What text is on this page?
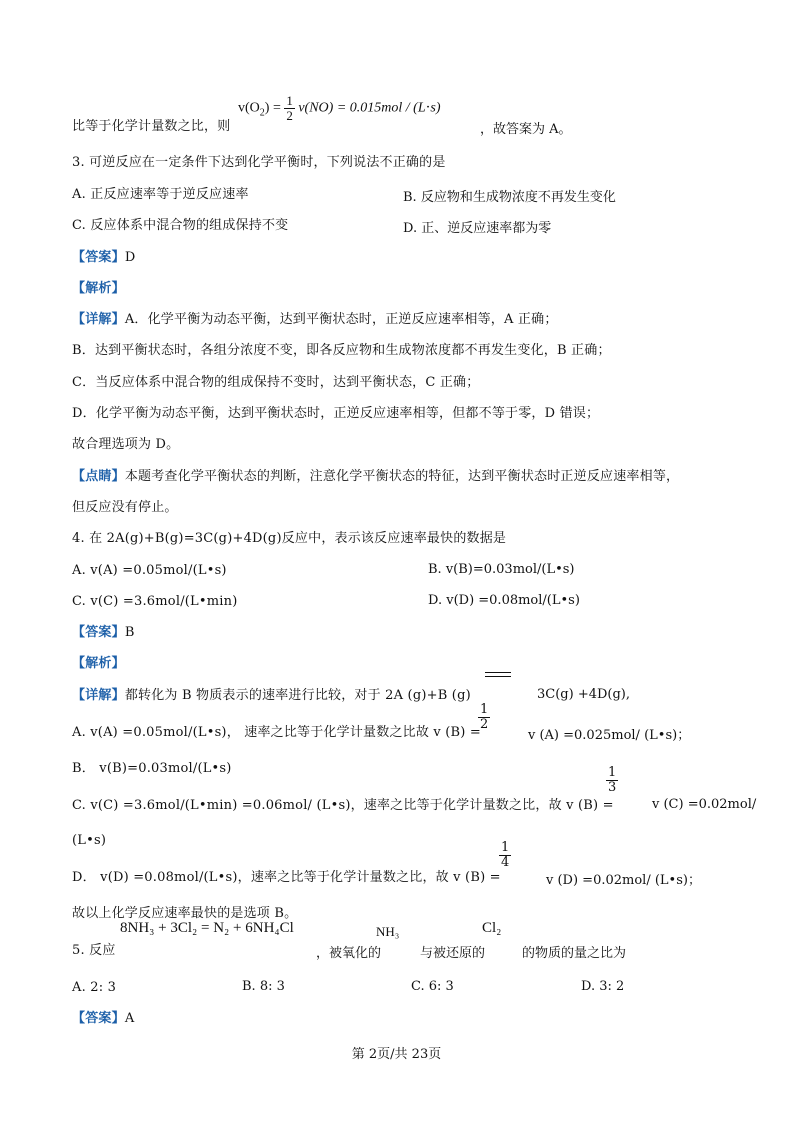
$v(O_2) = \frac{1}{2} v(NO) = 0.015mol / (L\cdot s)$
比等于化学计量数之比，则	，故答案为 A。
3. 可逆反应在一定条件下达到化学平衡时，下列说法不正确的是
A. 正反应速率等于逆反应速率	B. 反应物和生成物浓度不再发生变化
C. 反应体系中混合物的组成保持不变	D. 正、逆反应速率都为零
【答案】D
【解析】
【详解】A．化学平衡为动态平衡，达到平衡状态时，正逆反应速率相等，A 正确；
B．达到平衡状态时，各组分浓度不变，即各反应物和生成物浓度都不再发生变化，B 正确；
C．当反应体系中混合物的组成保持不变时，达到平衡状态，C 正确；
D．化学平衡为动态平衡，达到平衡状态时，正逆反应速率相等，但都不等于零，D 错误；
故合理选项为 D。
【点睛】本题考查化学平衡状态的判断，注意化学平衡状态的特征，达到平衡状态时正逆反应速率相等，
但反应没有停止。
4. 在 2A(g)+B(g)=3C(g)+4D(g)反应中，表示该反应速率最快的数据是
A. v(A) =0.05mol/(L•s)	B. v(B)=0.03mol/(L•s)
C. v(C) =3.6mol/(L•min)	D. v(D) =0.08mol/(L•s)
【答案】B
【解析】
【详解】都转化为 B 物质表示的速率进行比较，对于 2A (g)+B (g)	3C(g) +4D(g),
$\frac{1}{2}$
A. v(A) =0.05mol/(L•s)， 速率之比等于化学计量数之比故 v (B) =	v (A) =0.025mol/ (L•s)；
B． v(B)=0.03mol/(L•s)	$\frac{1}{3}$
C. v(C) =3.6mol/(L•min) =0.06mol/ (L•s)，速率之比等于化学计量数之比，故 v (B) =	v (C) =0.02mol/
(L•s)
$\frac{1}{4}$
D． v(D) =0.08mol/(L•s)，速率之比等于化学计量数之比，故 v (B) =	v (D) =0.02mol/ (L•s)；
故以上化学反应速率最快的是选项 B。
8NH₃ + 3Cl₂ = N₂ + 6NH₄Cl	NH₃	Cl₂
5. 反应	，被氧化的	与被还原的	的物质的量之比为
A. 2: 3	B. 8: 3	C. 6: 3	D. 3: 2
【答案】A
第 2页/共 23页
